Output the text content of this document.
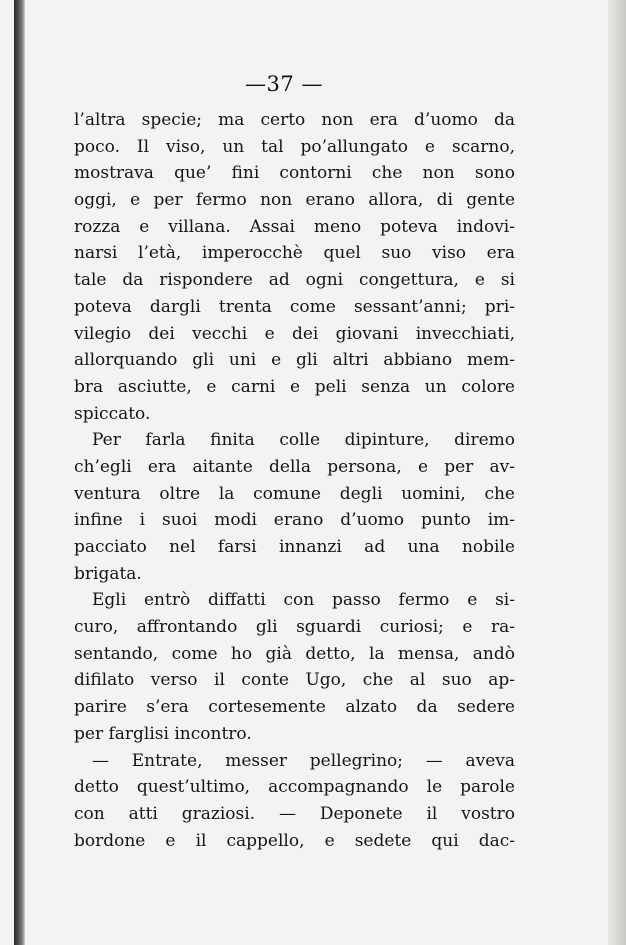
—37 —
l’altra specie; ma certo non era d’uomo da
poco. Il viso, un tal po’allungato e scarno,
mostrava que’ fini contorni che non sono
oggi, e per fermo non erano allora, di gente
rozza e villana. Assai meno poteva indovi-
narsi l’età, imperocchè quel suo viso era
tale da rispondere ad ogni congettura, e si
poteva dargli trenta come sessant’anni; pri-
vilegio dei vecchi e dei giovani invecchiati,
allorquando gli uni e gli altri abbiano mem-
bra asciutte, e carni e peli senza un colore
spiccato.
Per farla finita colle dipinture, diremo
ch’egli era aitante della persona, e per av-
ventura oltre la comune degli uomini, che
infine i suoi modi erano d’uomo punto im-
pacciato nel farsi innanzi ad una nobile
brigata.
Egli entrò diffatti con passo fermo e si-
curo, affrontando gli sguardi curiosi; e ra-
sentando, come ho già detto, la mensa, andò
difilato verso il conte Ugo, che al suo ap-
parire s’era cortesemente alzato da sedere
per farglisi incontro.
— Entrate, messer pellegrino; — aveva
detto quest’ultimo, accompagnando le parole
con atti graziosi. — Deponete il vostro
bordone e il cappello, e sedete qui dac-
